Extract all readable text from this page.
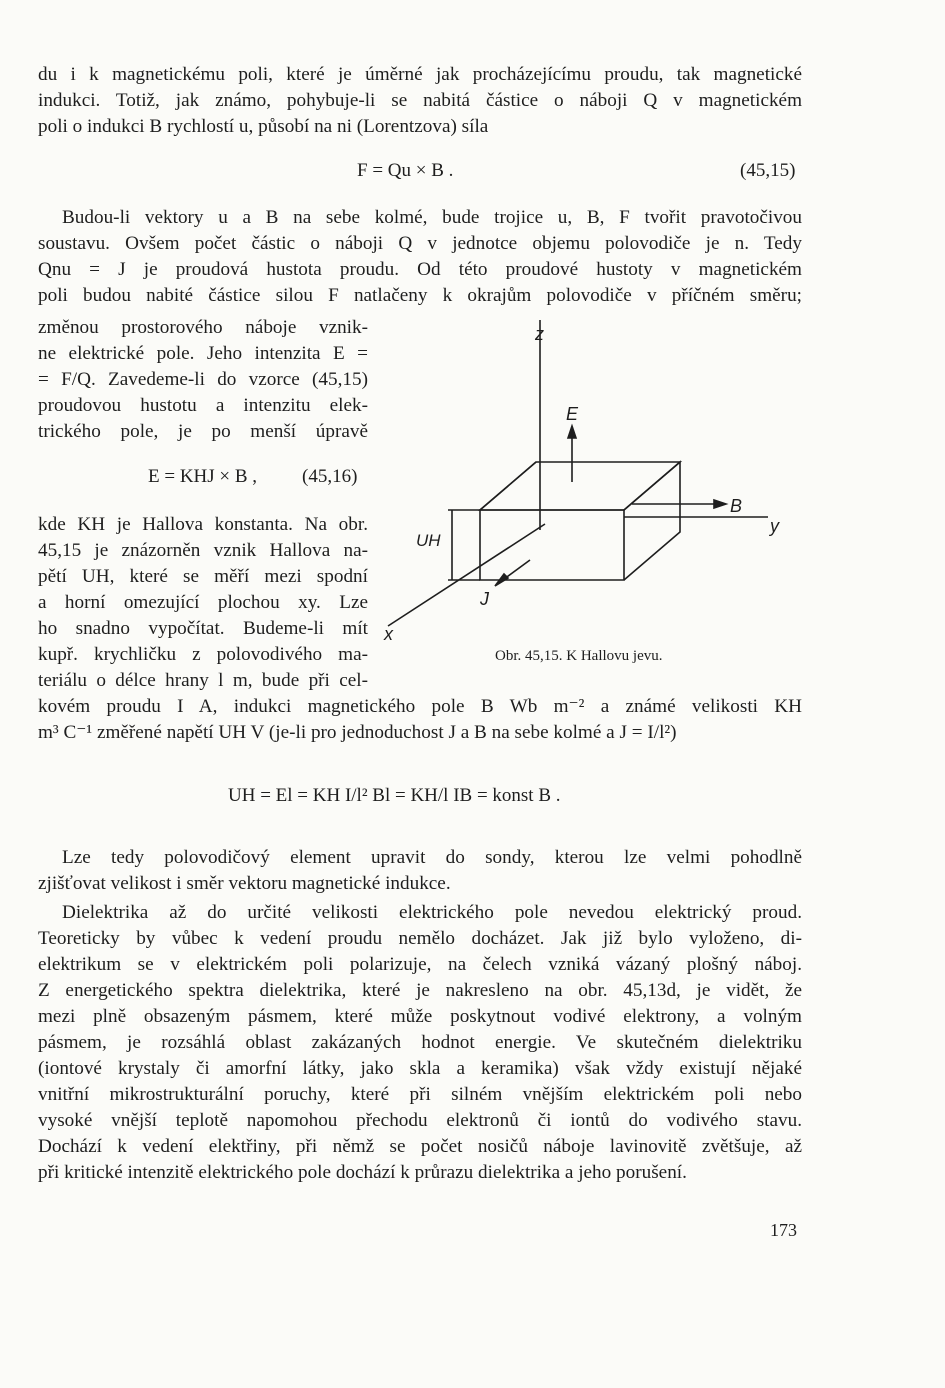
du i k magnetickému poli, které je úměrné jak procházejícímu proudu, tak magnetické
indukci. Totiž, jak známo, pohybuje-li se nabitá částice o náboji Q v magnetickém
poli o indukci B rychlostí u, působí na ni (Lorentzova) síla
F = Qu × B .	(45,15)
Budou-li vektory u a B na sebe kolmé, bude trojice u, B, F tvořit pravotočivou
soustavu. Ovšem počet částic o náboji Q v jednotce objemu polovodiče je n. Tedy
Qnu = J je proudová hustota proudu. Od této proudové hustoty v magnetickém
poli budou nabité částice silou F natlačeny k okrajům polovodiče v příčném směru;
změnou prostorového náboje vznik-
ne elektrické pole. Jeho intenzita E =
= F/Q. Zavedeme-li do vzorce (45,15)
proudovou hustotu a intenzitu elek-
trického pole, je po menší úpravě
E = KHJ × B , (45,16)
kde KH je Hallova konstanta. Na obr.
45,15 je znázorněn vznik Hallova na-
pětí UH, které se měří mezi spodní
a horní omezující plochou xy. Lze
ho snadno vypočítat. Budeme-li mít
kupř. krychličku z polovodivého ma-
teriálu o délce hrany l m, bude při cel-
kovém proudu I A, indukci magnetického pole B Wb m⁻² a známé velikosti KH
m³ C⁻¹ změřené napětí UH V (je-li pro jednoduchost J a B na sebe kolmé a J = I/l²)
UH = El = KH I/l² Bl = KH/l IB = konst B .
z
E
B
y
UH
J
x
Obr. 45,15. K Hallovu jevu.
Lze tedy polovodičový element upravit do sondy, kterou lze velmi pohodlně
zjišťovat velikost i směr vektoru magnetické indukce.
Dielektrika až do určité velikosti elektrického pole nevedou elektrický proud.
Teoreticky by vůbec k vedení proudu nemělo docházet. Jak již bylo vyloženo, di-
elektrikum se v elektrickém poli polarizuje, na čelech vzniká vázaný plošný náboj.
Z energetického spektra dielektrika, které je nakresleno na obr. 45,13d, je vidět, že
mezi plně obsazeným pásmem, které může poskytnout vodivé elektrony, a volným
pásmem, je rozsáhlá oblast zakázaných hodnot energie. Ve skutečném dielektriku
(iontové krystaly či amorfní látky, jako skla a keramika) však vždy existují nějaké
vnitřní mikrostrukturální poruchy, které při silném vnějším elektrickém poli nebo
vysoké vnější teplotě napomohou přechodu elektronů či iontů do vodivého stavu.
Dochází k vedení elektřiny, při němž se počet nosičů náboje lavinovitě zvětšuje, až
při kritické intenzitě elektrického pole dochází k průrazu dielektrika a jeho porušení.
173
